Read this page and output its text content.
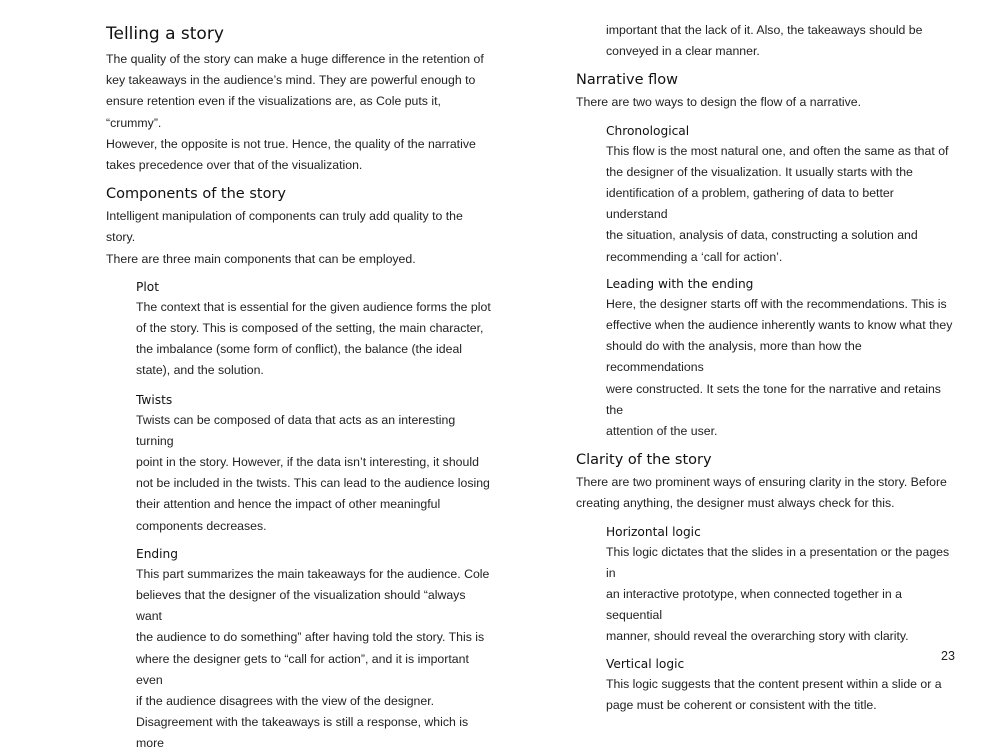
Telling a story

The quality of the story can make a huge difference in the retention of
key takeaways in the audience’s mind. They are powerful enough to
ensure retention even if the visualizations are, as Cole puts it, “crummy”.
However, the opposite is not true. Hence, the quality of the narrative
takes precedence over that of the visualization.

Components of the story

Intelligent manipulation of components can truly add quality to the story.
There are three main components that can be employed.

Plot

The context that is essential for the given audience forms the plot
of the story. This is composed of the setting, the main character,
the imbalance (some form of conflict), the balance (the ideal
state), and the solution.

Twists

Twists can be composed of data that acts as an interesting turning
point in the story. However, if the data isn’t interesting, it should
not be included in the twists. This can lead to the audience losing
their attention and hence the impact of other meaningful
components decreases.

Ending

This part summarizes the main takeaways for the audience. Cole
believes that the designer of the visualization should “always want
the audience to do something” after having told the story. This is
where the designer gets to “call for action”, and it is important even
if the audience disagrees with the view of the designer.
Disagreement with the takeaways is still a response, which is more

important that the lack of it. Also, the takeaways should be
conveyed in a clear manner.

Narrative flow

There are two ways to design the flow of a narrative.

Chronological

This flow is the most natural one, and often the same as that of
the designer of the visualization. It usually starts with the
identification of a problem, gathering of data to better understand
the situation, analysis of data, constructing a solution and
recommending a ‘call for action’.

Leading with the ending

Here, the designer starts off with the recommendations. This is
effective when the audience inherently wants to know what they
should do with the analysis, more than how the recommendations
were constructed. It sets the tone for the narrative and retains the
attention of the user.

Clarity of the story

There are two prominent ways of ensuring clarity in the story. Before
creating anything, the designer must always check for this.

Horizontal logic

This logic dictates that the slides in a presentation or the pages in
an interactive prototype, when connected together in a sequential
manner, should reveal the overarching story with clarity.

Vertical logic

This logic suggests that the content present within a slide or a
page must be coherent or consistent with the title.

23
